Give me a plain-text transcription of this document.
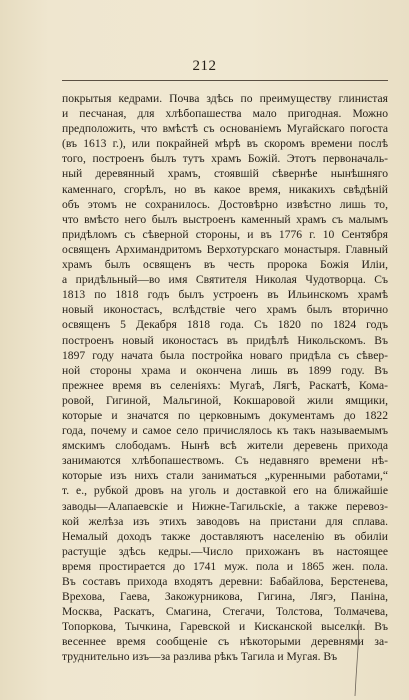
212
покрытыя кедрами. Почва здѣсь по преимуществу глинистая
и песчаная, для хлѣбопашества мало пригодная. Можно
предположить, что вмѣстѣ съ основаніемъ Мугайскаго погоста
(въ 1613 г.), или покрайней мѣрѣ въ скоромъ времени послѣ
того, построенъ былъ тутъ храмъ Божій. Этотъ первоначаль-
ный деревянный храмъ, стоявшій сѣвернѣе нынѣшняго
каменнаго, сгорѣлъ, но въ какое время, никакихъ свѣдѣній
объ этомъ не сохранилось. Достовѣрно извѣстно лишь то,
что вмѣсто него былъ выстроенъ каменный храмъ съ малымъ
придѣломъ съ сѣверной стороны, и въ 1776 г. 10 Сентября
освященъ Архимандритомъ Верхотурскаго монастыря. Главный
храмъ былъ освященъ въ честь пророка Божія Иліи,
а придѣльный—во имя Святителя Николая Чудотворца. Съ
1813 по 1818 годъ былъ устроенъ въ Ильинскомъ храмѣ
новый иконостасъ, вслѣдствіе чего храмъ былъ вторично
освященъ 5 Декабря 1818 года. Съ 1820 по 1824 годъ
построенъ новый иконостасъ въ придѣлѣ Никольскомъ. Въ
1897 году начата была постройка новаго придѣла съ сѣвер-
ной стороны храма и окончена лишь въ 1899 году. Въ
прежнее время въ селеніяхъ: Мугаѣ, Лягѣ, Раскатѣ, Кома-
ровой, Гигиной, Мальгиной, Кокшаровой жили ямщики,
которые и значатся по церковнымъ документамъ до 1822
года, почему и самое село причислялось къ такъ называемымъ
ямскимъ слободамъ. Нынѣ всѣ жители деревень прихода
занимаются хлѣбопашествомъ. Съ недавняго времени нѣ-
которые изъ нихъ стали заниматься „куренными работами,“
т. е., рубкой дровъ на уголь и доставкой его на ближайшіе
заводы—Алапаевскіе и Нижне-Тагильскіе, а также перевоз-
кой желѣза изъ этихъ заводовъ на пристани для сплава.
Немалый доходъ также доставляютъ населенію въ обиліи
растущіе здѣсь кедры.—Число прихожанъ въ настоящее
время простирается до 1741 муж. пола и 1865 жен. пола.
Въ составъ прихода входятъ деревни: Бабайлова, Берстенева,
Врехова, Гаева, Закожурникова, Гигина, Лягэ, Паніна,
Москва, Раскатъ, Смагина, Стегачи, Толстова, Толмачева,
Топоркова, Тычкина, Гаревской и Кисканской выселки. Въ
весеннее время сообщеніе съ нѣкоторыми деревнями за-
труднительно изъ—за разлива рѣкъ Тагила и Мугая. Въ
